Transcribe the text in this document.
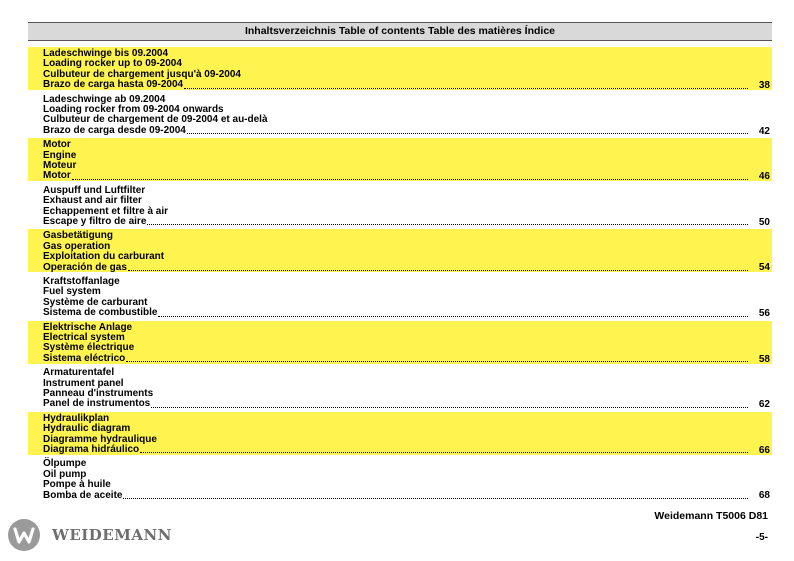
Inhaltsverzeichnis Table of contents Table des matières Índice
Ladeschwinge bis 09.2004
Loading rocker up to 09-2004
Culbuteur de chargement jusqu'à 09-2004
Brazo de carga hasta 09-2004	38
Ladeschwinge ab 09.2004
Loading rocker from 09-2004 onwards
Culbuteur de chargement de 09-2004 et au-delà
Brazo de carga desde 09-2004	42
Motor
Engine
Moteur
Motor	46
Auspuff und Luftfilter
Exhaust and air filter
Echappement et filtre à air
Escape y filtro de aire	50
Gasbetätigung
Gas operation
Exploitation du carburant
Operación de gas	54
Kraftstoffanlage
Fuel system
Système de carburant
Sistema de combustible	56
Elektrische Anlage
Electrical system
Système électrique
Sistema eléctrico	58
Armaturentafel
Instrument panel
Panneau d'instruments
Panel de instrumentos	62
Hydraulikplan
Hydraulic diagram
Diagramme hydraulique
Diagrama hidráulico	66
Ölpumpe
Oil pump
Pompe à huile
Bomba de aceite	68
WEIDEMANN
Weidemann T5006 D81
-5-
